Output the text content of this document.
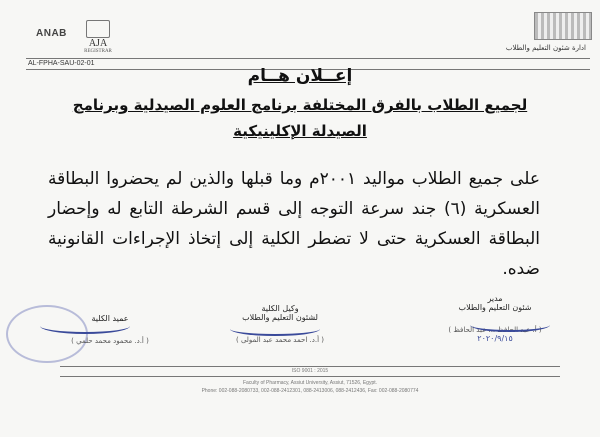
ANAB
AJA
REGISTRAR	ادارة شئون التعليم والطلاب
AL-FPHA-SAU-02-01
إعــلان هــام
لجميع الطلاب بالفرق المختلفة برنامج العلوم الصيدلية وبرنامج
الصيدلة الإكلينيكية
على جميع الطلاب مواليد ٢٠٠١م وما قبلها والذين لم يحضروا البطاقة العسكرية (٦) جند سرعة التوجه إلى قسم الشرطة التابع له وإحضار البطاقة العسكرية حتى لا تضطر الكلية إلى إتخاذ الإجراءات القانونية ضده.
عميد الكلية
( أ.د. محمود محمد حلمي )
وكيل الكلية
لشئون التعليم والطلاب
( أ.د. احمد محمد عبد المولى )
مدير
شئون التعليم والطلاب
( أ. عبد الحافظ ... عبد الحافظ )
٢٠٢٠/٩/١٥
ISO 9001 : 2015
Faculty of Pharmacy, Assiut University, Assiut, 71526, Egypt.
Phone: 002-088-2080733, 002-088-2412301, 088-2413006, 088-2412436, Fax: 002-088-2080774
